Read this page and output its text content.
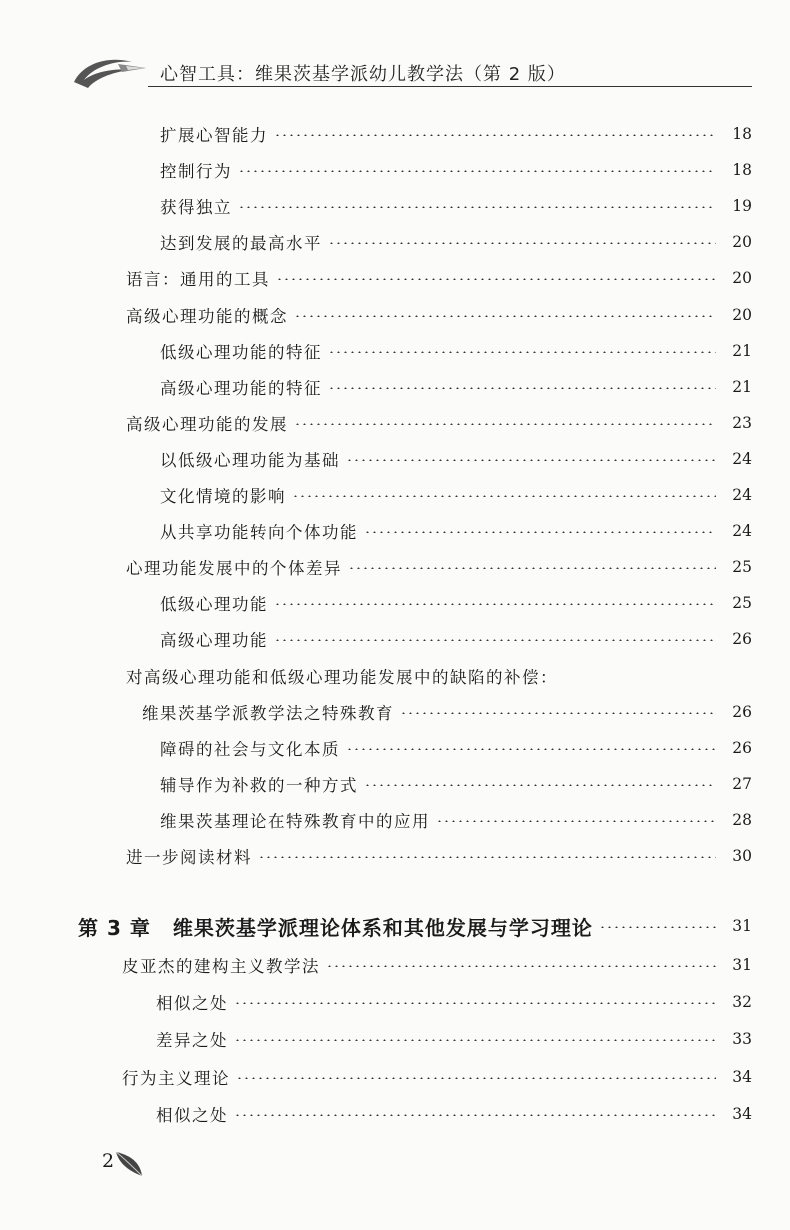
心智工具：维果茨基学派幼儿教学法（第 2 版）
扩展心智能力	18
控制行为	18
获得独立	19
达到发展的最高水平	20
语言：通用的工具	20
高级心理功能的概念	20
低级心理功能的特征	21
高级心理功能的特征	21
高级心理功能的发展	23
以低级心理功能为基础	24
文化情境的影响	24
从共享功能转向个体功能	24
心理功能发展中的个体差异	25
低级心理功能	25
高级心理功能	26
对高级心理功能和低级心理功能发展中的缺陷的补偿：
维果茨基学派教学法之特殊教育	26
障碍的社会与文化本质	26
辅导作为补救的一种方式	27
维果茨基理论在特殊教育中的应用	28
进一步阅读材料	30
第 3 章 维果茨基学派理论体系和其他发展与学习理论	31
皮亚杰的建构主义教学法	31
相似之处	32
差异之处	33
行为主义理论	34
相似之处	34
2
